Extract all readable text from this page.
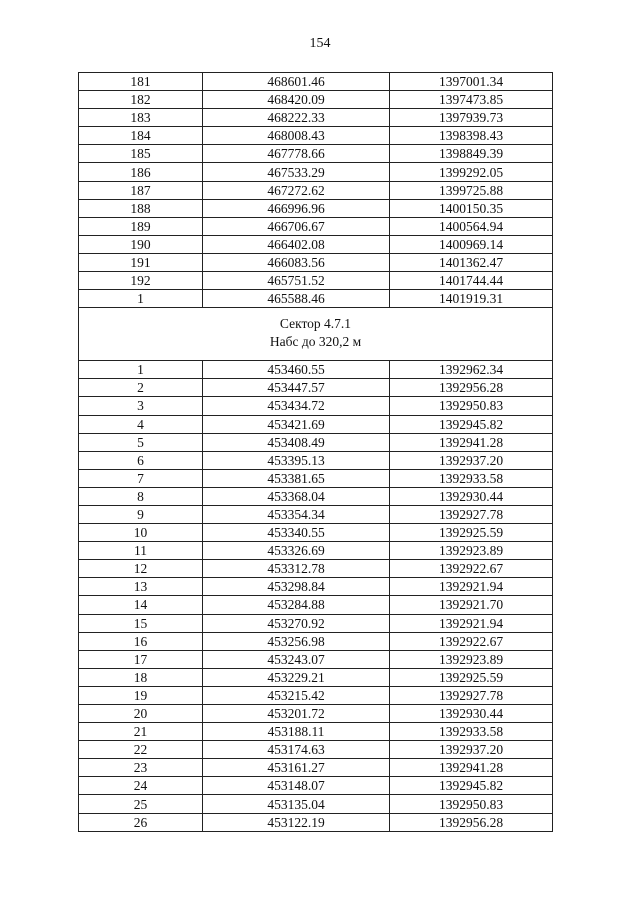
154
181	468601.46	1397001.34
182	468420.09	1397473.85
183	468222.33	1397939.73
184	468008.43	1398398.43
185	467778.66	1398849.39
186	467533.29	1399292.05
187	467272.62	1399725.88
188	466996.96	1400150.35
189	466706.67	1400564.94
190	466402.08	1400969.14
191	466083.56	1401362.47
192	465751.52	1401744.44
1	465588.46	1401919.31

Сектор 4.7.1
Набс до 320,2 м		

1	453460.55	1392962.34
2	453447.57	1392956.28
3	453434.72	1392950.83
4	453421.69	1392945.82
5	453408.49	1392941.28
6	453395.13	1392937.20
7	453381.65	1392933.58
8	453368.04	1392930.44
9	453354.34	1392927.78
10	453340.55	1392925.59
11	453326.69	1392923.89
12	453312.78	1392922.67
13	453298.84	1392921.94
14	453284.88	1392921.70
15	453270.92	1392921.94
16	453256.98	1392922.67
17	453243.07	1392923.89
18	453229.21	1392925.59
19	453215.42	1392927.78
20	453201.72	1392930.44
21	453188.11	1392933.58
22	453174.63	1392937.20
23	453161.27	1392941.28
24	453148.07	1392945.82
25	453135.04	1392950.83
26	453122.19	1392956.28
